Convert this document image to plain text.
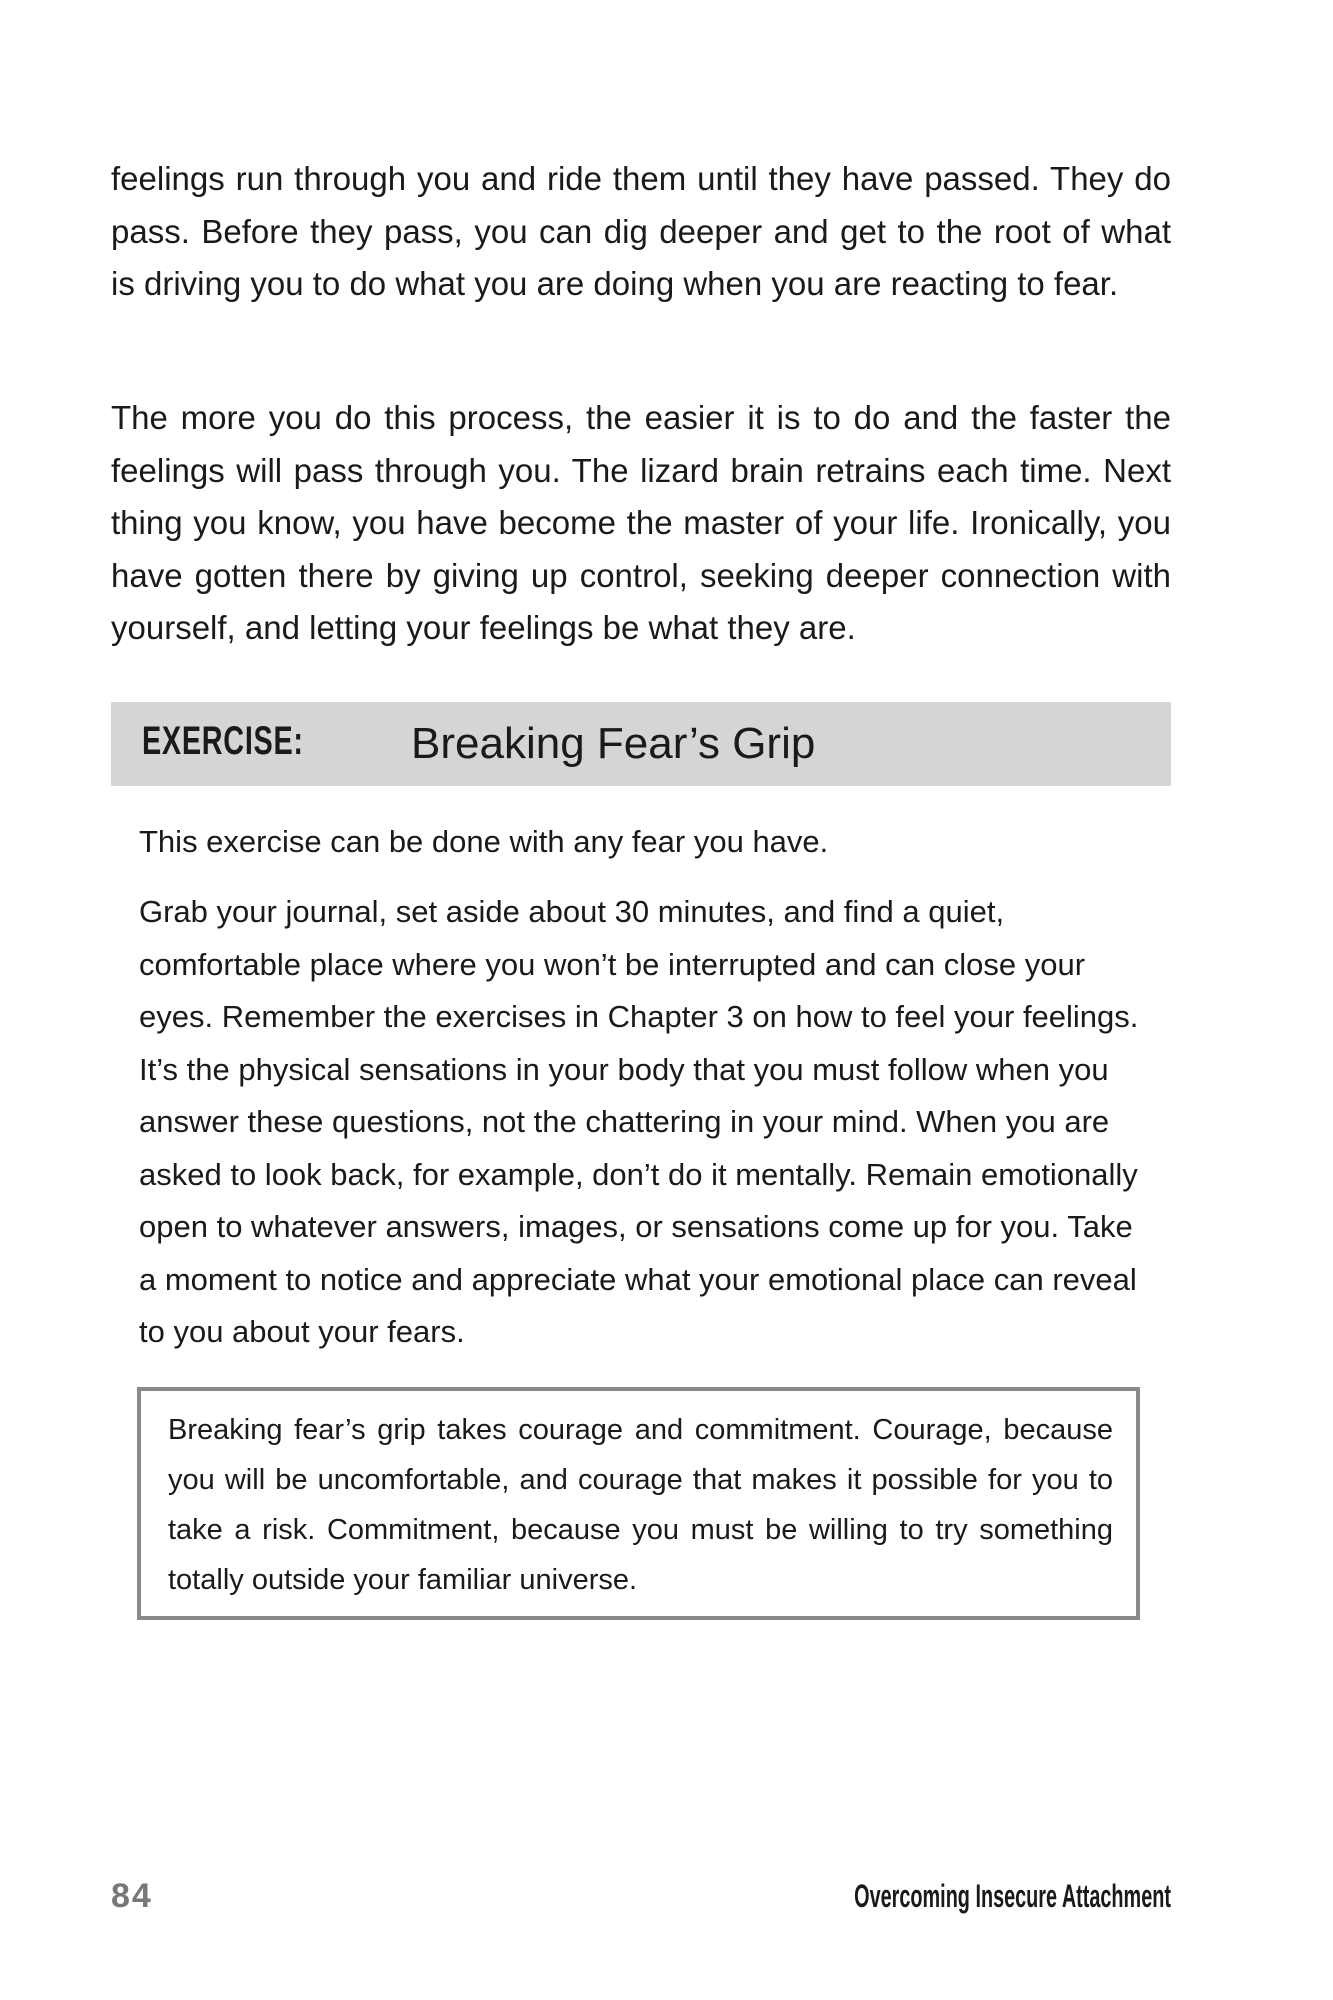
feelings run through you and ride them until they have passed. They do pass. Before they pass, you can dig deeper and get to the root of what is driving you to do what you are doing when you are reacting to fear.

The more you do this process, the easier it is to do and the faster the feelings will pass through you. The lizard brain retrains each time. Next thing you know, you have become the master of your life. Ironically, you have gotten there by giving up control, seeking deeper connection with yourself, and letting your feelings be what they are.

EXERCISE: Breaking Fear’s Grip

This exercise can be done with any fear you have.

Grab your journal, set aside about 30 minutes, and find a quiet, comfortable place where you won’t be interrupted and can close your eyes. Remember the exercises in Chapter 3 on how to feel your feelings. It’s the physical sensations in your body that you must follow when you answer these questions, not the chattering in your mind. When you are asked to look back, for example, don’t do it mentally. Remain emotionally open to whatever answers, images, or sensations come up for you. Take a moment to notice and appreciate what your emotional place can reveal to you about your fears.

Breaking fear’s grip takes courage and commitment. Courage, because you will be uncomfortable, and courage that makes it possible for you to take a risk. Commitment, because you must be willing to try something totally outside your familiar universe.

84	Overcoming Insecure Attachment
